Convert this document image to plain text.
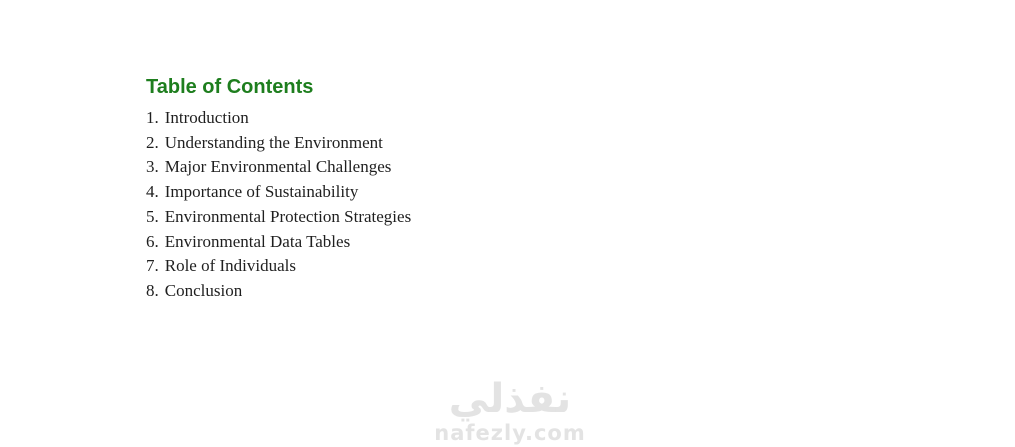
Table of Contents
1. Introduction
2. Understanding the Environment
3. Major Environmental Challenges
4. Importance of Sustainability
5. Environmental Protection Strategies
6. Environmental Data Tables
7. Role of Individuals
8. Conclusion
نفذلي
nafezly.com
